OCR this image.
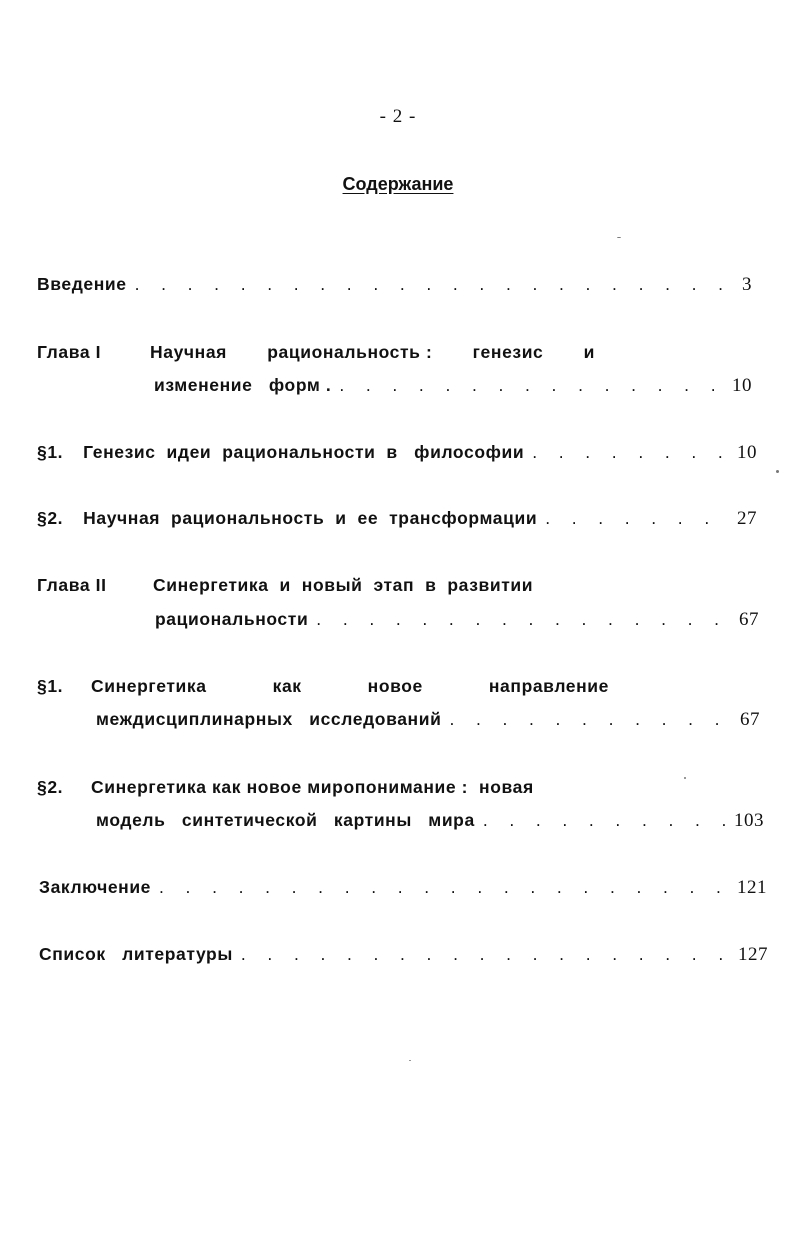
- 2 -
Содержание
Введение . . .	3
Глава I	Научная рациональность : генезис и
изменение   форм . . . .	10
§1. Генезис  идеи  рациональности  в   философии . . .	10
§2. Научная  рациональность  и  ее  трансформации . . .	27
Глава II	Синергетика  и  новый  этап  в  развитии
рациональности . . .	67
§1. Синергетика	как	новое	направление
междисциплинарных   исследований . . .	67
§2. Синергетика как новое миропонимание :  новая
модель   синтетической   картины   мира . . .	103
Заключение . . .	121
Список   литературы . . .	127
